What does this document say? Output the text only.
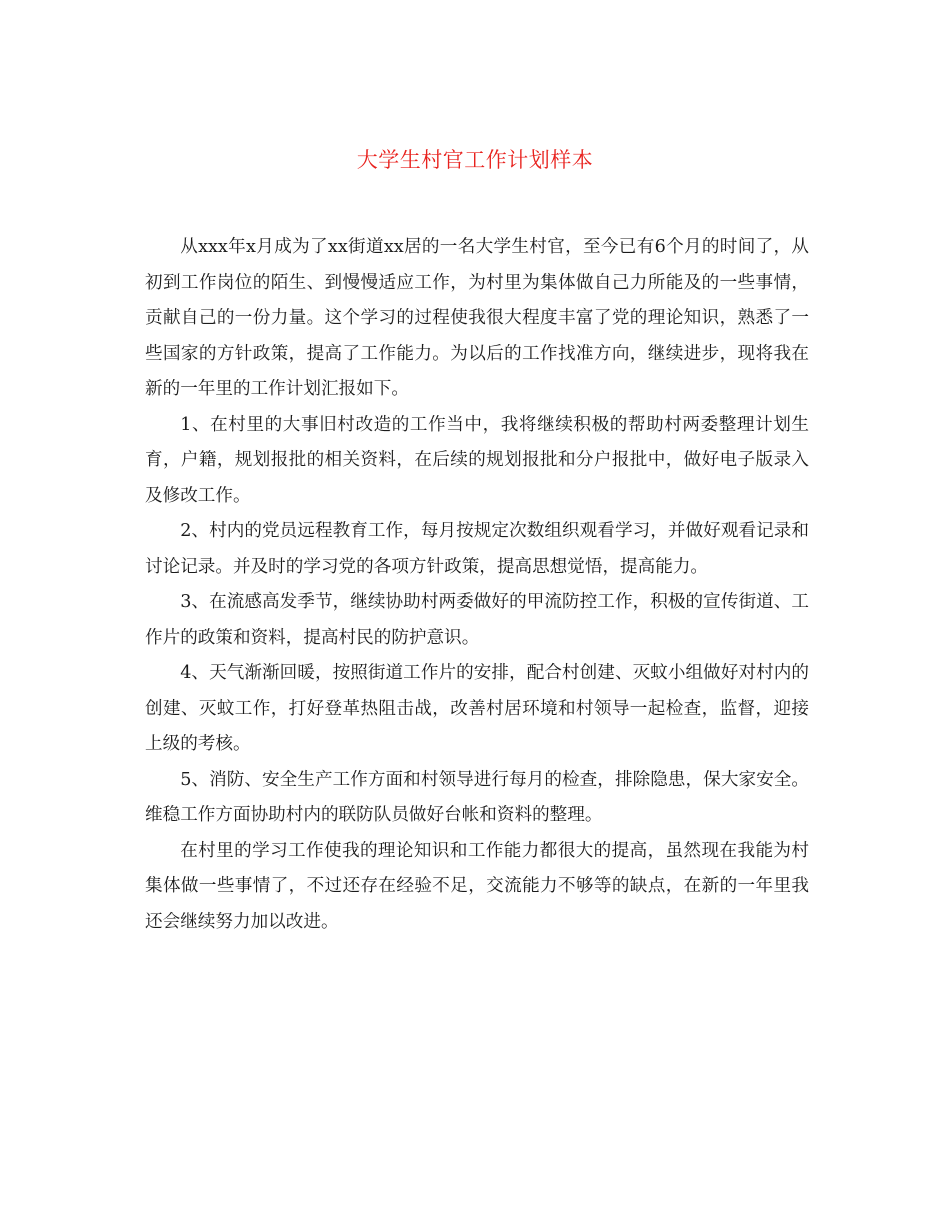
大学生村官工作计划样本

从xxx年x月成为了xx街道xx居的一名大学生村官，至今已有6个月的时间了，从初到工作岗位的陌生、到慢慢适应工作，为村里为集体做自己力所能及的一些事情，贡献自己的一份力量。这个学习的过程使我很大程度丰富了党的理论知识，熟悉了一些国家的方针政策，提高了工作能力。为以后的工作找准方向，继续进步，现将我在新的一年里的工作计划汇报如下。

1、在村里的大事旧村改造的工作当中，我将继续积极的帮助村两委整理计划生育，户籍，规划报批的相关资料，在后续的规划报批和分户报批中，做好电子版录入及修改工作。

2、村内的党员远程教育工作，每月按规定次数组织观看学习，并做好观看记录和讨论记录。并及时的学习党的各项方针政策，提高思想觉悟，提高能力。

3、在流感高发季节，继续协助村两委做好的甲流防控工作，积极的宣传街道、工作片的政策和资料，提高村民的防护意识。

4、天气渐渐回暖，按照街道工作片的安排，配合村创建、灭蚊小组做好对村内的创建、灭蚊工作，打好登革热阻击战，改善村居环境和村领导一起检查，监督，迎接上级的考核。

5、消防、安全生产工作方面和村领导进行每月的检查，排除隐患，保大家安全。维稳工作方面协助村内的联防队员做好台帐和资料的整理。

在村里的学习工作使我的理论知识和工作能力都很大的提高，虽然现在我能为村集体做一些事情了，不过还存在经验不足，交流能力不够等的缺点，在新的一年里我还会继续努力加以改进。
